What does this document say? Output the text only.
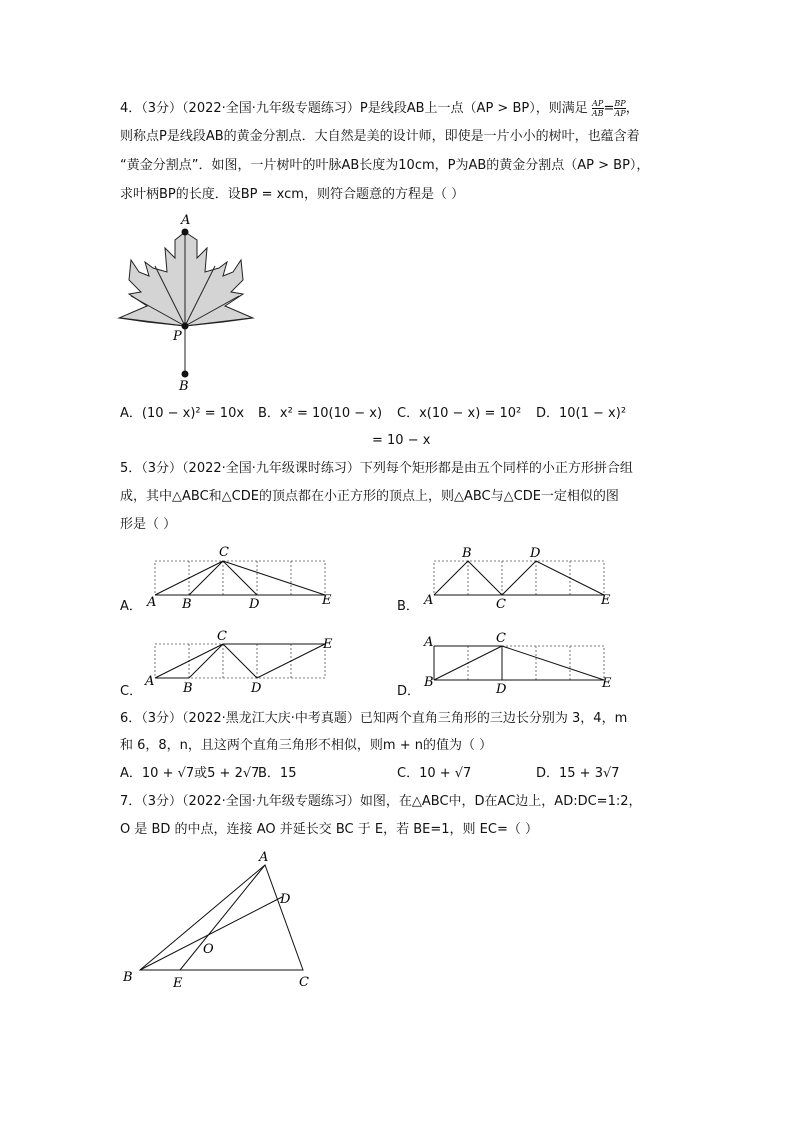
4．（3分）（2022·全国·九年级专题练习）P是线段AB上一点（AP > BP），则满足 $\frac{AP}{AB} = \frac{BP}{AP}$ ，
则称点P是线段AB的黄金分割点．大自然是美的设计师，即使是一片小小的树叶，也蕴含着
“黄金分割点”．如图，一片树叶的叶脉AB长度为10cm，P为AB的黄金分割点（AP > BP），
求叶柄BP的长度．设BP = xcm，则符合题意的方程是（ ）
A
P
B
A．(10 − x)² = 10x B．x² = 10(10 − x) C．x(10 − x) = 10² D．10(1 − x)²
= 10 − x
5．（3分）（2022·全国·九年级课时练习）下列每个矩形都是由五个同样的小正方形拼合组
成，其中△ABC和△CDE的顶点都在小正方形的顶点上，则△ABC与△CDE一定相似的图
形是（ ）
A． A B
C
D	E	B． A
B
C
D
E
C．
A B
C
D
E
D．
A
B
C
D	E
6．（3分）（2022·黑龙江大庆·中考真题）已知两个直角三角形的三边长分别为 3，4，m
和 6，8，n，且这两个直角三角形不相似，则m + n的值为（ ）
A．10 + √7或5 + 2√7
B．15	C．10 + √7	D．15 + 3√7
7．（3分）（2022·全国·九年级专题练习）如图，在△ABC中，D在AC边上，AD:DC=1:2，
O 是 BD 的中点，连接 AO 并延长交 BC 于 E，若 BE=1，则 EC=（ ）
A
B	C
D
E
O
